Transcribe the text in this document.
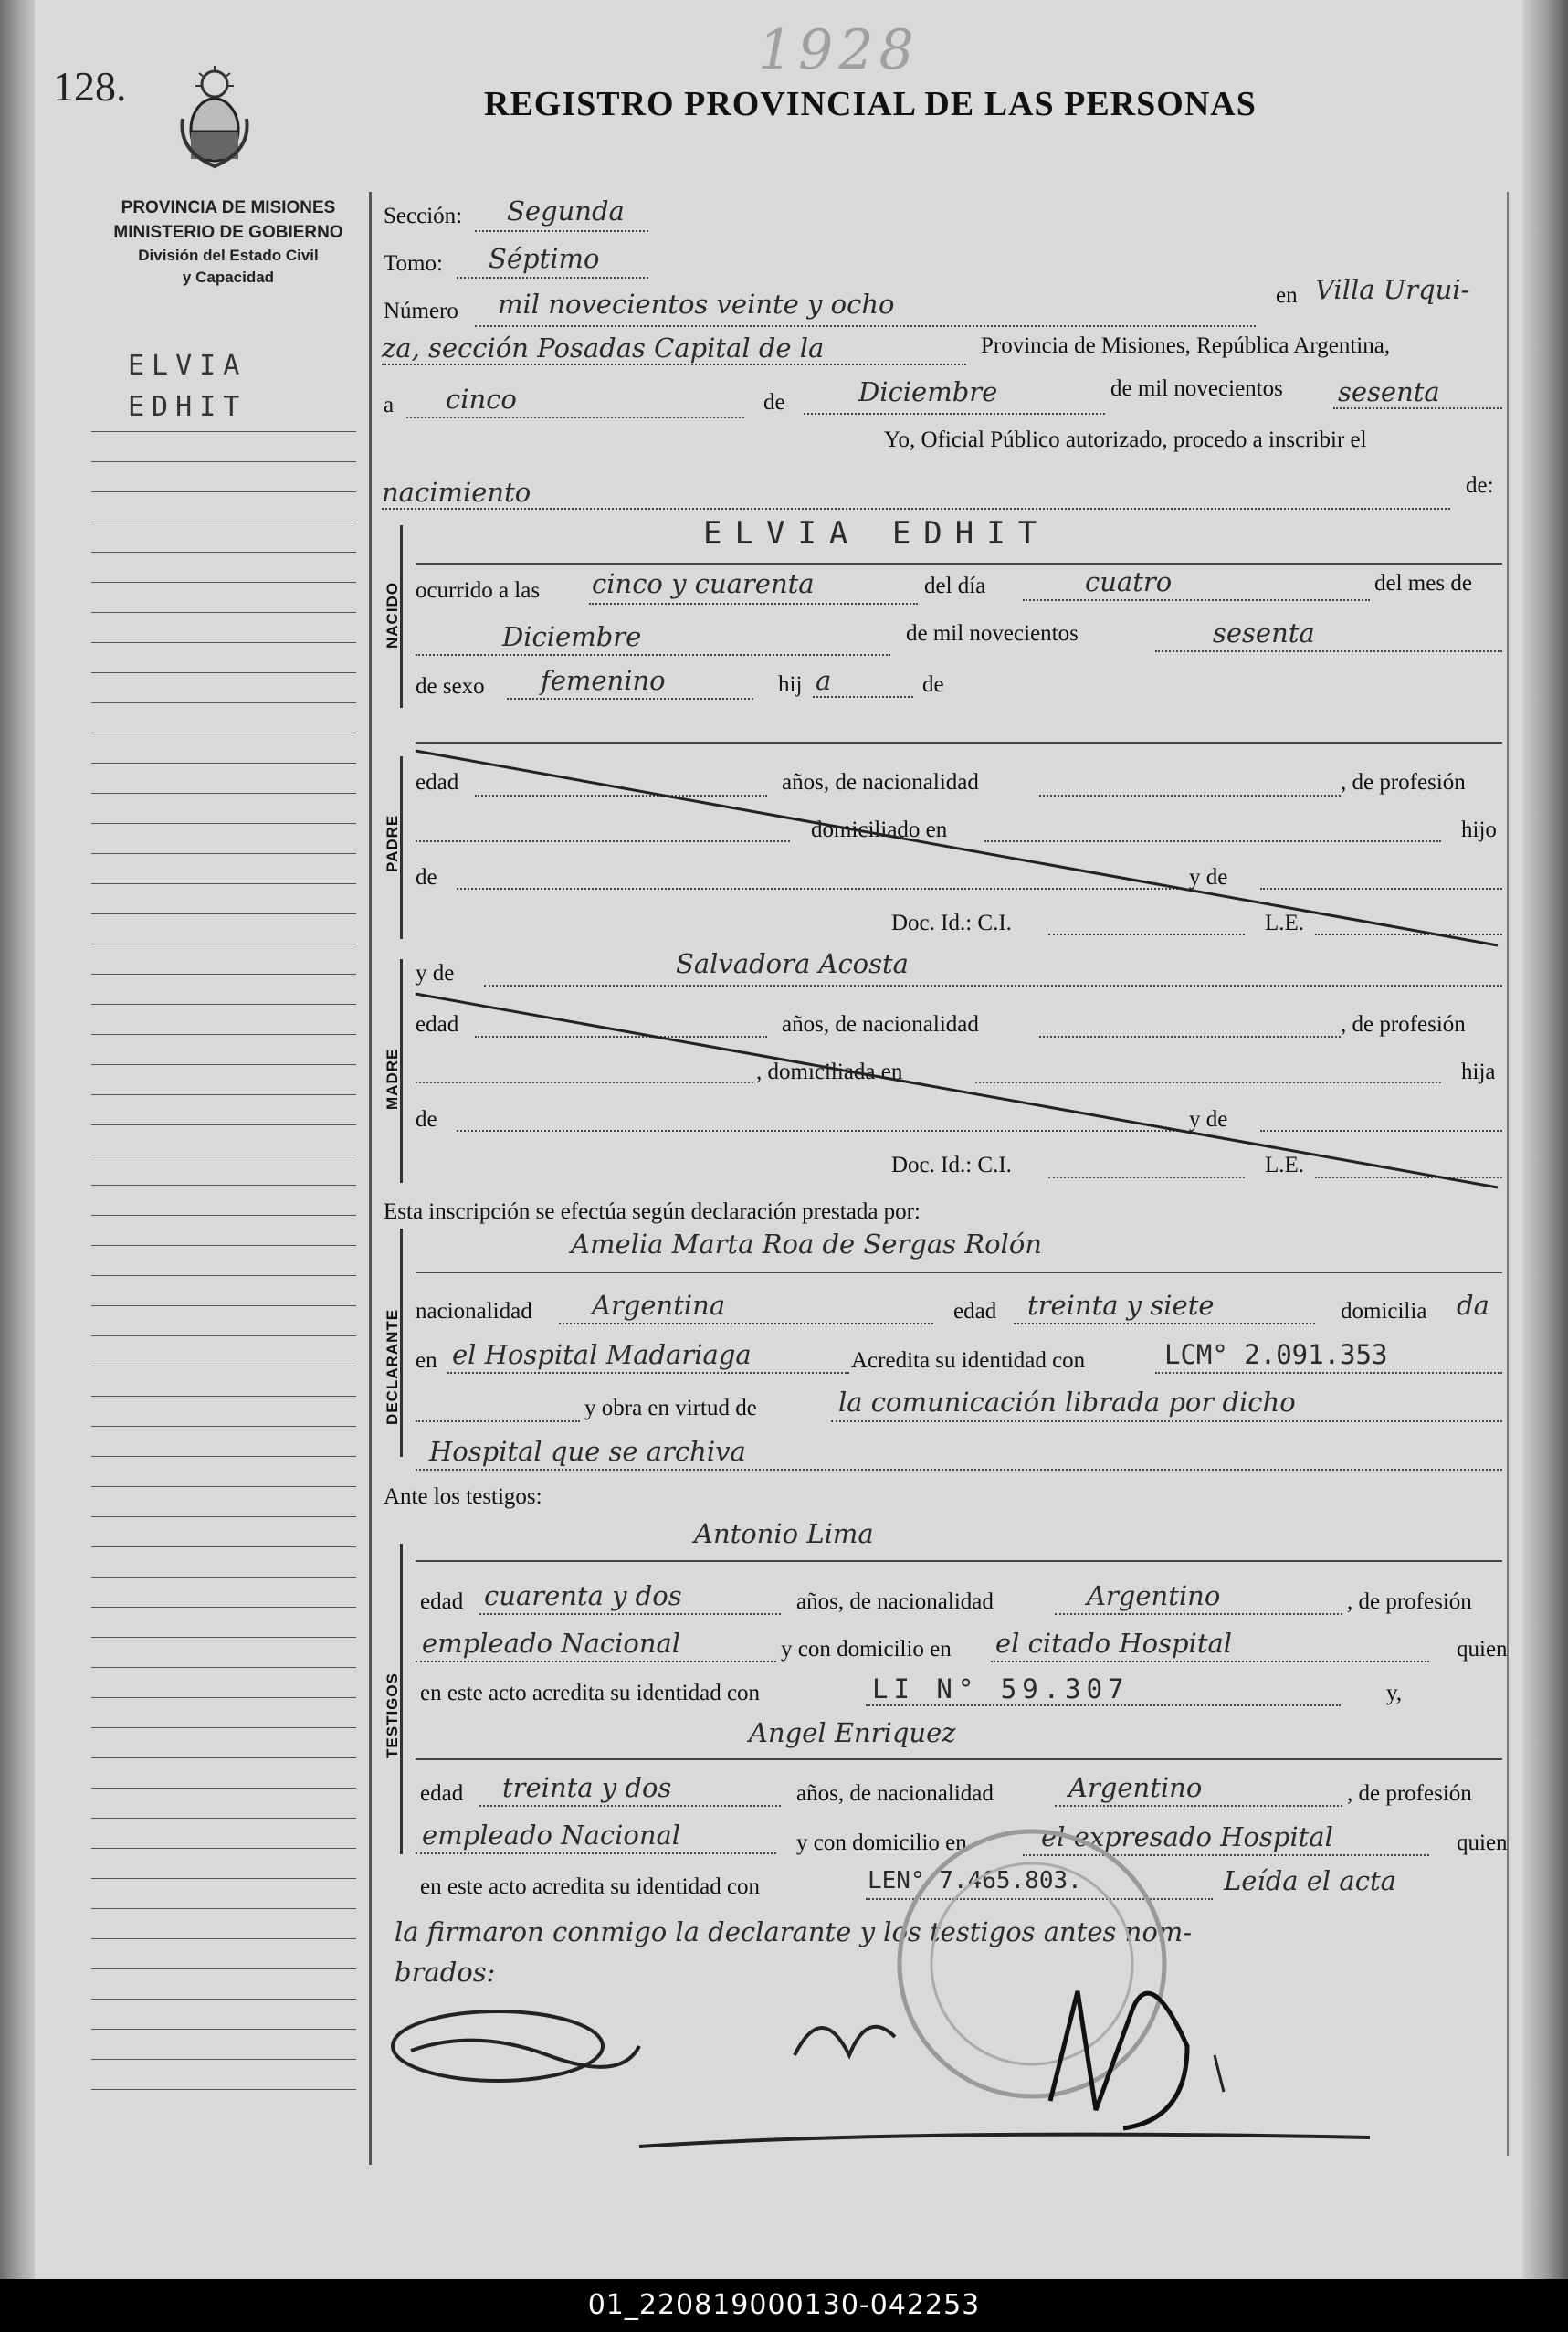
128.
1928
REGISTRO PROVINCIAL DE LAS PERSONAS
PROVINCIA DE MISIONES
MINISTERIO DE GOBIERNO
División del Estado Civil
y Capacidad
ELVIA
EDHIT
Sección: Segunda
Tomo: Séptimo
Número mil novecientos veinte y ocho	en Villa Urqui-
za, sección Posadas Capital de la	Provincia de Misiones, República Argentina,
a cinco	de	Diciembre	de mil novecientos sesenta
Yo, Oficial Público autorizado, procedo a inscribir el
nacimiento	de:
NACIDO
ELVIA EDHIT
ocurrido a las cinco y cuarenta	del día	cuatro	del mes de
Diciembre	de mil novecientos	sesenta
de sexo femenino	hij a	de
PADRE
edad	años, de nacionalidad	, de profesión
domiciliado en	hijo
de	y de
Doc. Id.: C.I.	L.E.
MADRE
y de	Salvadora Acosta
edad	años, de nacionalidad	, de profesión
, domiciliada en	hija
de	y de
Doc. Id.: C.I.	L.E.
Esta inscripción se efectúa según declaración prestada por:
DECLARANTE
Amelia Marta Roa de Sergas Rolón
nacionalidad Argentina	edad treinta y siete	domicilia da
en el Hospital Madariaga	Acredita su identidad con	LCM° 2.091.353
y obra en virtud de	la comunicación librada por dicho
Hospital que se archiva
Ante los testigos:
TESTIGOS
Antonio Lima
edad cuarenta y dos	años, de nacionalidad	Argentino	, de profesión
empleado Nacional	y con domicilio en el citado Hospital	quien
en este acto acredita su identidad con	LI N° 59.307	y,
Angel Enriquez
edad treinta y dos	años, de nacionalidad	Argentino	, de profesión
empleado Nacional	y con domicilio en	el expresado Hospital	quien
en este acto acredita su identidad con	LEN° 7.465.803.	Leída el acta
la firmaron conmigo la declarante y los testigos antes nom-
brados:
01_220819000130-042253
